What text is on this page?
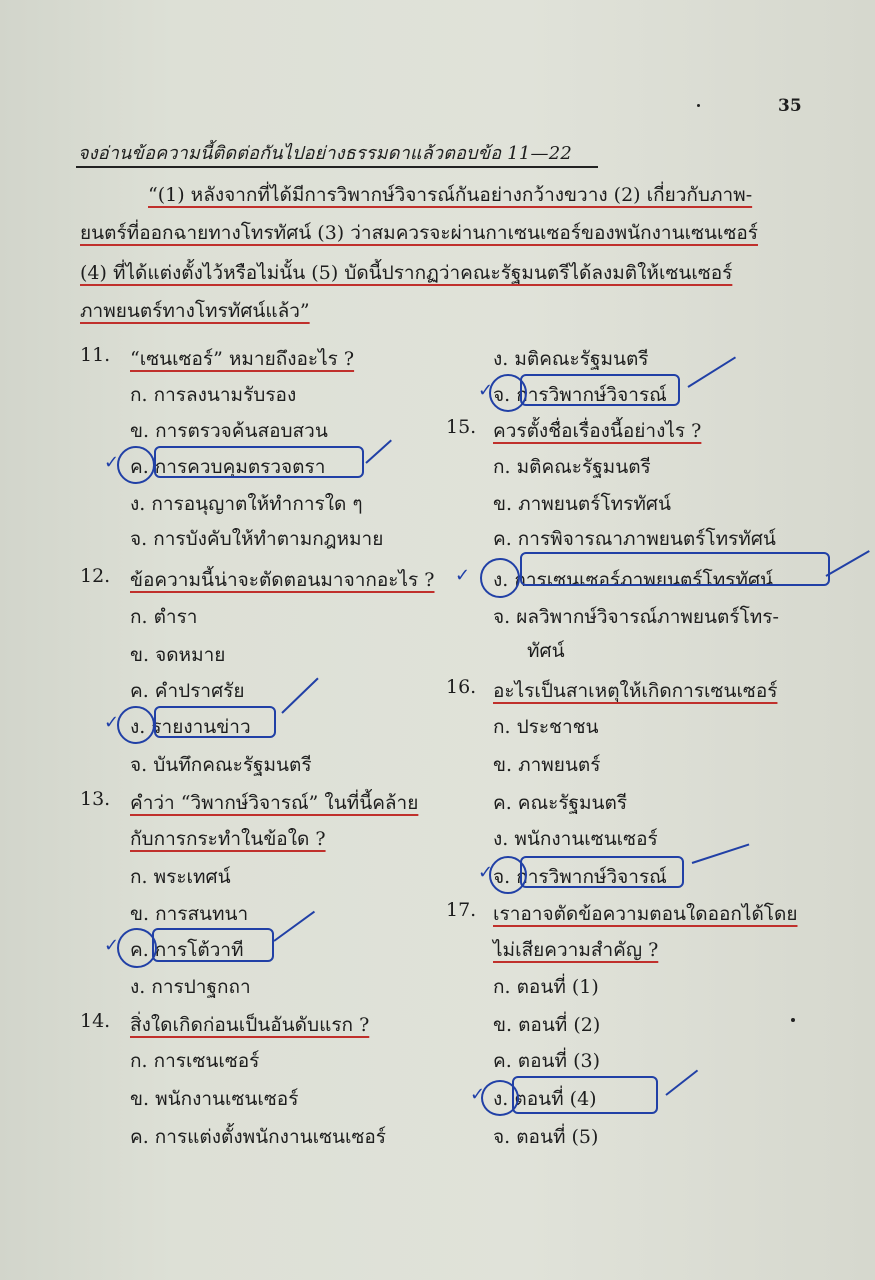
35
จงอ่านข้อความนี้ติดต่อกันไปอย่างธรรมดาแล้วตอบข้อ 11—22
“(1) หลังจากที่ได้มีการวิพากษ์วิจารณ์กันอย่างกว้างขวาง (2) เกี่ยวกับภาพ-
ยนตร์ที่ออกฉายทางโทรทัศน์ (3) ว่าสมควรจะผ่านกาเซนเซอร์ของพนักงานเซนเซอร์
(4) ที่ได้แต่งตั้งไว้หรือไม่นั้น (5) บัดนี้ปรากฏว่าคณะรัฐมนตรีได้ลงมติให้เซนเซอร์
ภาพยนตร์ทางโทรทัศน์แล้ว”
11. “เซนเซอร์” หมายถึงอะไร ?
ก. การลงนามรับรอง
ข. การตรวจค้นสอบสวน
ค. การควบคุมตรวจตรา
ง. การอนุญาตให้ทำการใด ๆ
จ. การบังคับให้ทำตามกฎหมาย
12. ข้อความนี้น่าจะตัดตอนมาจากอะไร ?
ก. ตำรา
ข. จดหมาย
ค. คำปราศรัย
ง. รายงานข่าว
จ. บันทึกคณะรัฐมนตรี
13. คำว่า “วิพากษ์วิจารณ์” ในที่นี้คล้าย
กับการกระทำในข้อใด ?
ก. พระเทศน์
ข. การสนทนา
ค. การโต้วาที
ง. การปาฐกถา
14. สิ่งใดเกิดก่อนเป็นอันดับแรก ?
ก. การเซนเซอร์
ข. พนักงานเซนเซอร์
ค. การแต่งตั้งพนักงานเซนเซอร์
ง. มติคณะรัฐมนตรี
จ. การวิพากษ์วิจารณ์
15. ควรตั้งชื่อเรื่องนี้อย่างไร ?
ก. มติคณะรัฐมนตรี
ข. ภาพยนตร์โทรทัศน์
ค. การพิจารณาภาพยนตร์โทรทัศน์
ง. การเซนเซอร์ภาพยนตร์โทรทัศน์
จ. ผลวิพากษ์วิจารณ์ภาพยนตร์โทร-
ทัศน์
16. อะไรเป็นสาเหตุให้เกิดการเซนเซอร์
ก. ประชาชน
ข. ภาพยนตร์
ค. คณะรัฐมนตรี
ง. พนักงานเซนเซอร์
จ. การวิพากษ์วิจารณ์
17. เราอาจตัดข้อความตอนใดออกได้โดย
ไม่เสียความสำคัญ ?
ก. ตอนที่ (1)
ข. ตอนที่ (2)
ค. ตอนที่ (3)
ง. ตอนที่ (4)
จ. ตอนที่ (5)
✓
✓
✓
✓
✓
✓
✓
